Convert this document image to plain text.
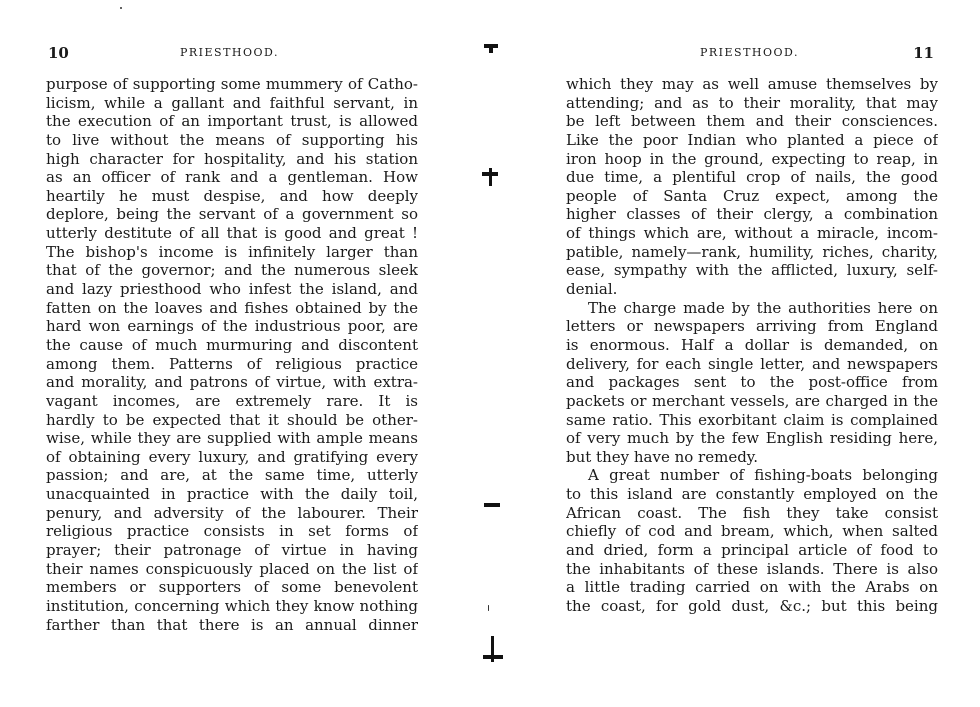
10	PRIESTHOOD.
purpose of supporting some mummery of Catho-
licism, while a gallant and faithful servant, in
the execution of an important trust, is allowed
to live without the means of supporting his
high character for hospitality, and his station
as an officer of rank and a gentleman. How
heartily he must despise, and how deeply
deplore, being the servant of a government so
utterly destitute of all that is good and great !
The bishop's income is infinitely larger than
that of the governor; and the numerous sleek
and lazy priesthood who infest the island, and
fatten on the loaves and fishes obtained by the
hard won earnings of the industrious poor, are
the cause of much murmuring and discontent
among them. Patterns of religious practice
and morality, and patrons of virtue, with extra-
vagant incomes, are extremely rare. It is
hardly to be expected that it should be other-
wise, while they are supplied with ample means
of obtaining every luxury, and gratifying every
passion; and are, at the same time, utterly
unacquainted in practice with the daily toil,
penury, and adversity of the labourer. Their
religious practice consists in set forms of
prayer; their patronage of virtue in having
their names conspicuously placed on the list of
members or supporters of some benevolent
institution, concerning which they know nothing
farther than that there is an annual dinner
PRIESTHOOD.	11
which they may as well amuse themselves by
attending; and as to their morality, that may
be left between them and their consciences.
Like the poor Indian who planted a piece of
iron hoop in the ground, expecting to reap, in
due time, a plentiful crop of nails, the good
people of Santa Cruz expect, among the
higher classes of their clergy, a combination
of things which are, without a miracle, incom-
patible, namely—rank, humility, riches, charity,
ease, sympathy with the afflicted, luxury, self-
denial.
The charge made by the authorities here on
letters or newspapers arriving from England
is enormous. Half a dollar is demanded, on
delivery, for each single letter, and newspapers
and packages sent to the post-office from
packets or merchant vessels, are charged in the
same ratio. This exorbitant claim is complained
of very much by the few English residing here,
but they have no remedy.
A great number of fishing-boats belonging
to this island are constantly employed on the
African coast. The fish they take consist
chiefly of cod and bream, which, when salted
and dried, form a principal article of food to
the inhabitants of these islands. There is also
a little trading carried on with the Arabs on
the coast, for gold dust, &c.; but this being
